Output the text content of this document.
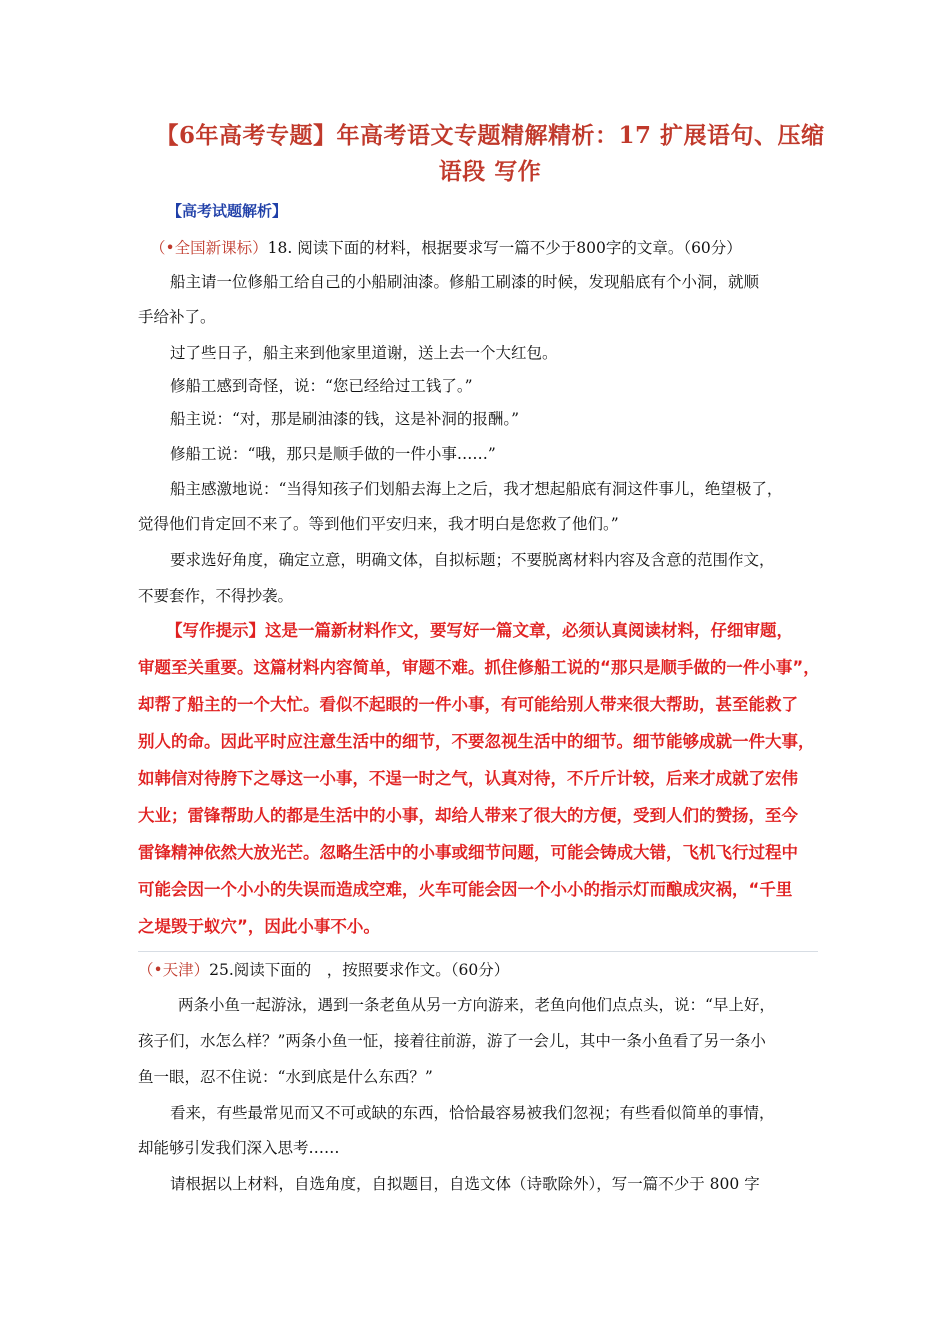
【6年高考专题】年高考语文专题精解精析：17 扩展语句、压缩
语段 写作
【高考试题解析】
（•全国新课标）18. 阅读下面的材料，根据要求写一篇不少于800字的文章。（60分）
船主请一位修船工给自己的小船刷油漆。修船工刷漆的时候，发现船底有个小洞，就顺
手给补了。
过了些日子，船主来到他家里道谢，送上去一个大红包。
修船工感到奇怪，说：“您已经给过工钱了。”
船主说：“对，那是刷油漆的钱，这是补洞的报酬。”
修船工说：“哦，那只是顺手做的一件小事……”
船主感激地说：“当得知孩子们划船去海上之后，我才想起船底有洞这件事儿，绝望极了，
觉得他们肯定回不来了。等到他们平安归来，我才明白是您救了他们。”
要求选好角度，确定立意，明确文体，自拟标题；不要脱离材料内容及含意的范围作文，
不要套作，不得抄袭。
【写作提示】这是一篇新材料作文，要写好一篇文章，必须认真阅读材料，仔细审题，
审题至关重要。这篇材料内容简单，审题不难。抓住修船工说的“那只是顺手做的一件小事”，
却帮了船主的一个大忙。看似不起眼的一件小事，有可能给别人带来很大帮助，甚至能救了
别人的命。因此平时应注意生活中的细节，不要忽视生活中的细节。细节能够成就一件大事，
如韩信对待胯下之辱这一小事，不逞一时之气，认真对待，不斤斤计较，后来才成就了宏伟
大业；雷锋帮助人的都是生活中的小事，却给人带来了很大的方便，受到人们的赞扬，至今
雷锋精神依然大放光芒。忽略生活中的小事或细节问题，可能会铸成大错，飞机飞行过程中
可能会因一个小小的失误而造成空难，火车可能会因一个小小的指示灯而酿成灾祸，“千里
之堤毁于蚁穴”，因此小事不小。
（•天津）25.阅读下面的　，按照要求作文。（60分）
两条小鱼一起游泳，遇到一条老鱼从另一方向游来，老鱼向他们点点头，说：“早上好，
孩子们，水怎么样？”两条小鱼一怔，接着往前游，游了一会儿，其中一条小鱼看了另一条小
鱼一眼，忍不住说：“水到底是什么东西？”
看来，有些最常见而又不可或缺的东西，恰恰最容易被我们忽视；有些看似简单的事情，
却能够引发我们深入思考……
请根据以上材料，自选角度，自拟题目，自选文体（诗歌除外），写一篇不少于 800 字
